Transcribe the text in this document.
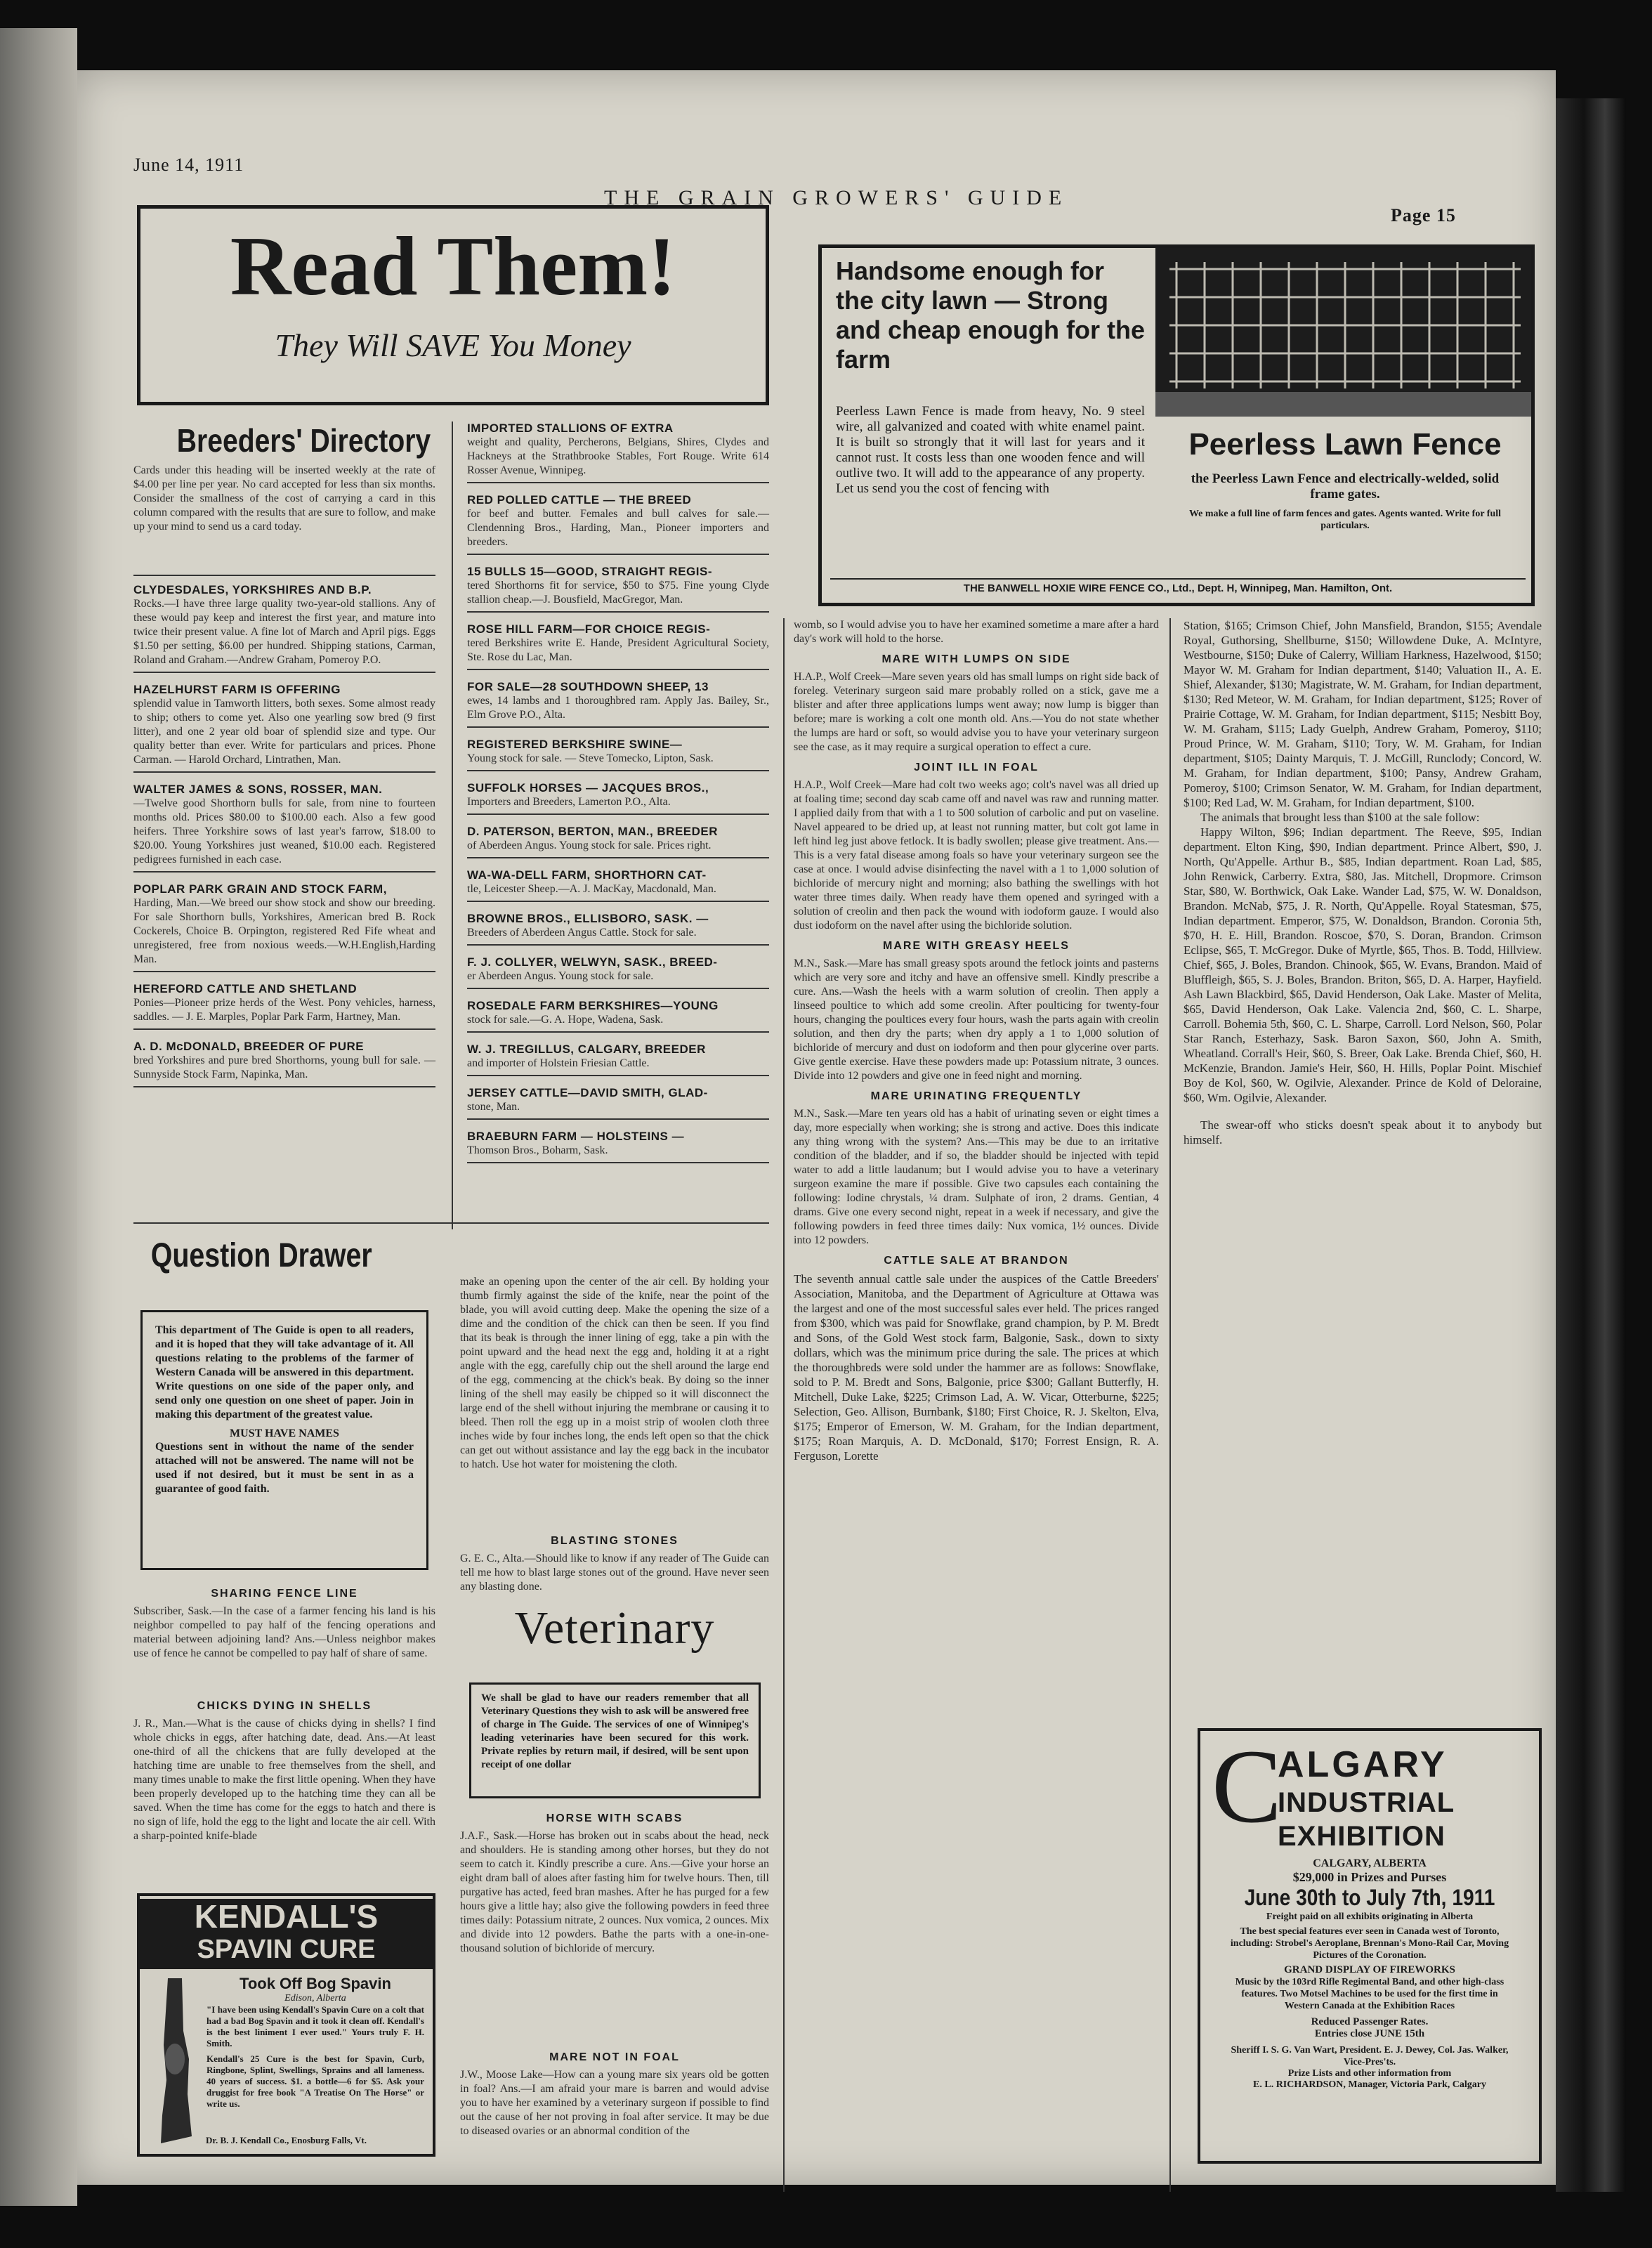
June 14, 1911
THE GRAIN GROWERS' GUIDE
Page 15
Read Them!
They Will SAVE You Money
Handsome enough for the city lawn — Strong and cheap enough for the farm
Peerless Lawn Fence is made from heavy, No. 9 steel wire, all galvanized and coated with white enamel paint. It is built so strongly that it will last for years and it cannot rust. It costs less than one wooden fence and will outlive two. It will add to the appearance of any property. Let us send you the cost of fencing with
Peerless Lawn Fence
the Peerless Lawn Fence and electrically-welded, solid frame gates.
We make a full line of farm fences and gates. Agents wanted. Write for full particulars.
THE BANWELL HOXIE WIRE FENCE CO., Ltd., Dept. H, Winnipeg, Man. Hamilton, Ont.
Breeders' Directory
Cards under this heading will be inserted weekly at the rate of $4.00 per line per year. No card accepted for less than six months. Consider the smallness of the cost of carrying a card in this column compared with the results that are sure to follow, and make up your mind to send us a card today.
CLYDESDALES, YORKSHIRES AND B.P.

Rocks.—I have three large quality two-year-old stallions. Any of these would pay keep and interest the first year, and mature into twice their present value. A fine lot of March and April pigs. Eggs $1.50 per setting, $6.00 per hundred. Shipping stations, Carman, Roland and Graham.—Andrew Graham, Pomeroy P.O.

HAZELHURST FARM IS OFFERING

splendid value in Tamworth litters, both sexes. Some almost ready to ship; others to come yet. Also one yearling sow bred (9 first litter), and one 2 year old boar of splendid size and type. Our quality better than ever. Write for particulars and prices. Phone Carman. — Harold Orchard, Lintrathen, Man.

WALTER JAMES & SONS, ROSSER, MAN.

—Twelve good Shorthorn bulls for sale, from nine to fourteen months old. Prices $80.00 to $100.00 each. Also a few good heifers. Three Yorkshire sows of last year's farrow, $18.00 to $20.00. Young Yorkshires just weaned, $10.00 each. Registered pedigrees furnished in each case.

POPLAR PARK GRAIN AND STOCK FARM,

Harding, Man.—We breed our show stock and show our breeding. For sale Shorthorn bulls, Yorkshires, American bred B. Rock Cockerels, Choice B. Orpington, registered Red Fife wheat and unregistered, free from noxious weeds.—W.H.English,Harding Man.

HEREFORD CATTLE AND SHETLAND

Ponies—Pioneer prize herds of the West. Pony vehicles, harness, saddles. — J. E. Marples, Poplar Park Farm, Hartney, Man.

A. D. McDONALD, BREEDER OF PURE

bred Yorkshires and pure bred Shorthorns, young bull for sale. — Sunnyside Stock Farm, Napinka, Man.

IMPORTED STALLIONS OF EXTRA

weight and quality, Percherons, Belgians, Shires, Clydes and Hackneys at the Strathbrooke Stables, Fort Rouge. Write 614 Rosser Avenue, Winnipeg.

RED POLLED CATTLE — THE BREED

for beef and butter. Females and bull calves for sale.—Clendenning Bros., Harding, Man., Pioneer importers and breeders.

15 BULLS 15—GOOD, STRAIGHT REGIS-

tered Shorthorns fit for service, $50 to $75. Fine young Clyde stallion cheap.—J. Bousfield, MacGregor, Man.

ROSE HILL FARM—FOR CHOICE REGIS-

tered Berkshires write E. Hande, President Agricultural Society, Ste. Rose du Lac, Man.

FOR SALE—28 SOUTHDOWN SHEEP, 13

ewes, 14 lambs and 1 thoroughbred ram. Apply Jas. Bailey, Sr., Elm Grove P.O., Alta.

REGISTERED BERKSHIRE SWINE—

Young stock for sale. — Steve Tomecko, Lipton, Sask.

SUFFOLK HORSES — JACQUES BROS.,

Importers and Breeders, Lamerton P.O., Alta.

D. PATERSON, BERTON, MAN., BREEDER

of Aberdeen Angus. Young stock for sale. Prices right.

WA-WA-DELL FARM, SHORTHORN CAT-

tle, Leicester Sheep.—A. J. MacKay, Macdonald, Man.

BROWNE BROS., ELLISBORO, SASK. —

Breeders of Aberdeen Angus Cattle. Stock for sale.

F. J. COLLYER, WELWYN, SASK., BREED-

er Aberdeen Angus. Young stock for sale.

ROSEDALE FARM BERKSHIRES—YOUNG

stock for sale.—G. A. Hope, Wadena, Sask.

W. J. TREGILLUS, CALGARY, BREEDER

and importer of Holstein Friesian Cattle.

JERSEY CATTLE—DAVID SMITH, GLAD-

stone, Man.

BRAEBURN FARM — HOLSTEINS —

Thomson Bros., Boharm, Sask.

Question Drawer

This department of The Guide is open to all readers, and it is hoped that they will take advantage of it. All questions relating to the problems of the farmer of Western Canada will be answered in this department. Write questions on one side of the paper only, and send only one question on one sheet of paper. Join in making this department of the greatest value.

MUST HAVE NAMES

Questions sent in without the name of the sender attached will not be answered. The name will not be used if not desired, but it must be sent in as a guarantee of good faith.

SHARING FENCE LINE

Subscriber, Sask.—In the case of a farmer fencing his land is his neighbor compelled to pay half of the fencing operations and material between adjoining land? Ans.—Unless neighbor makes use of fence he cannot be compelled to pay half of share of same.

CHICKS DYING IN SHELLS

J. R., Man.—What is the cause of chicks dying in shells? I find whole chicks in eggs, after hatching date, dead. Ans.—At least one-third of all the chickens that are fully developed at the hatching time are unable to free themselves from the shell, and many times unable to make the first little opening. When they have been properly developed up to the hatching time they can all be saved. When the time has come for the eggs to hatch and there is no sign of life, hold the egg to the light and locate the air cell. With a sharp-pointed knife-blade

KENDALL'S
SPAVIN CURE
Took Off Bog Spavin
Edison, Alberta

"I have been using Kendall's Spavin Cure on a colt that had a bad Bog Spavin and it took it clean off. Kendall's is the best liniment I ever used." Yours truly F. H. Smith.

Kendall's 25 Cure is the best for Spavin, Curb, Ringbone, Splint, Swellings, Sprains and all lameness. 40 years of success. $1. a bottle—6 for $5. Ask your druggist for free book "A Treatise On The Horse" or write us.

Dr. B. J. Kendall Co., Enosburg Falls, Vt.
make an opening upon the center of the air cell. By holding your thumb firmly against the side of the knife, near the point of the blade, you will avoid cutting deep. Make the opening the size of a dime and the condition of the chick can then be seen. If you find that its beak is through the inner lining of egg, take a pin with the point upward and the head next the egg and, holding it at a right angle with the egg, carefully chip out the shell around the large end of the egg, commencing at the chick's beak. By doing so the inner lining of the shell may easily be chipped so it will disconnect the large end of the shell without injuring the membrane or causing it to bleed. Then roll the egg up in a moist strip of woolen cloth three inches wide by four inches long, the ends left open so that the chick can get out without assistance and lay the egg back in the incubator to hatch. Use hot water for moistening the cloth.
BLASTING STONES

G. E. C., Alta.—Should like to know if any reader of The Guide can tell me how to blast large stones out of the ground. Have never seen any blasting done.

Veterinary

We shall be glad to have our readers remember that all Veterinary Questions they wish to ask will be answered free of charge in The Guide. The services of one of Winnipeg's leading veterinaries have been secured for this work. Private replies by return mail, if desired, will be sent upon receipt of one dollar

HORSE WITH SCABS

J.A.F., Sask.—Horse has broken out in scabs about the head, neck and shoulders. He is standing among other horses, but they do not seem to catch it. Kindly prescribe a cure. Ans.—Give your horse an eight dram ball of aloes after fasting him for twelve hours. Then, till purgative has acted, feed bran mashes. After he has purged for a few hours give a little hay; also give the following powders in feed three times daily: Potassium nitrate, 2 ounces. Nux vomica, 2 ounces. Mix and divide into 12 powders. Bathe the parts with a one-in-one-thousand solution of bichloride of mercury.

MARE NOT IN FOAL

J.W., Moose Lake—How can a young mare six years old be gotten in foal? Ans.—I am afraid your mare is barren and would advise you to have her examined by a veterinary surgeon if possible to find out the cause of her not proving in foal after service. It may be due to diseased ovaries or an abnormal condition of the

womb, so I would advise you to have her examined sometime a mare after a hard day's work will hold to the horse.

MARE WITH LUMPS ON SIDE

H.A.P., Wolf Creek—Mare seven years old has small lumps on right side back of foreleg. Veterinary surgeon said mare probably rolled on a stick, gave me a blister and after three applications lumps went away; now lump is bigger than before; mare is working a colt one month old. Ans.—You do not state whether the lumps are hard or soft, so would advise you to have your veterinary surgeon see the case, as it may require a surgical operation to effect a cure.

JOINT ILL IN FOAL

H.A.P., Wolf Creek—Mare had colt two weeks ago; colt's navel was all dried up at foaling time; second day scab came off and navel was raw and running matter. I applied daily from that with a 1 to 500 solution of carbolic and put on vaseline. Navel appeared to be dried up, at least not running matter, but colt got lame in left hind leg just above fetlock. It is badly swollen; please give treatment. Ans.—This is a very fatal disease among foals so have your veterinary surgeon see the case at once. I would advise disinfecting the navel with a 1 to 1,000 solution of bichloride of mercury night and morning; also bathing the swellings with hot water three times daily. When ready have them opened and syringed with a solution of creolin and then pack the wound with iodoform gauze. I would also dust iodoform on the navel after using the bichloride solution.

MARE WITH GREASY HEELS

M.N., Sask.—Mare has small greasy spots around the fetlock joints and pasterns which are very sore and itchy and have an offensive smell. Kindly prescribe a cure. Ans.—Wash the heels with a warm solution of creolin. Then apply a linseed poultice to which add some creolin. After poulticing for twenty-four hours, changing the poultices every four hours, wash the parts again with creolin solution, and then dry the parts; when dry apply a 1 to 1,000 solution of bichloride of mercury and dust on iodoform and then pour glycerine over parts. Give gentle exercise. Have these powders made up: Potassium nitrate, 3 ounces. Divide into 12 powders and give one in feed night and morning.

MARE URINATING FREQUENTLY

M.N., Sask.—Mare ten years old has a habit of urinating seven or eight times a day, more especially when working; she is strong and active. Does this indicate any thing wrong with the system? Ans.—This may be due to an irritative condition of the bladder, and if so, the bladder should be injected with tepid water to add a little laudanum; but I would advise you to have a veterinary surgeon examine the mare if possible. Give two capsules each containing the following: Iodine chrystals, ¼ dram. Sulphate of iron, 2 drams. Gentian, 4 drams. Give one every second night, repeat in a week if necessary, and give the following powders in feed three times daily: Nux vomica, 1½ ounces. Divide into 12 powders.

CATTLE SALE AT BRANDON

The seventh annual cattle sale under the auspices of the Cattle Breeders' Association, Manitoba, and the Department of Agriculture at Ottawa was the largest and one of the most successful sales ever held. The prices ranged from $300, which was paid for Snowflake, grand champion, by P. M. Bredt and Sons, of the Gold West stock farm, Balgonie, Sask., down to sixty dollars, which was the minimum price during the sale. The prices at which the thoroughbreds were sold under the hammer are as follows: Snowflake, sold to P. M. Bredt and Sons, Balgonie, price $300; Gallant Butterfly, H. Mitchell, Duke Lake, $225; Crimson Lad, A. W. Vicar, Otterburne, $225; Selection, Geo. Allison, Burnbank, $180; First Choice, R. J. Skelton, Elva, $175; Emperor of Emerson, W. M. Graham, for the Indian department, $175; Roan Marquis, A. D. McDonald, $170; Forrest Ensign, R. A. Ferguson, Lorette

Station, $165; Crimson Chief, John Mansfield, Brandon, $155; Avendale Royal, Guthorsing, Shellburne, $150; Willowdene Duke, A. McIntyre, Westbourne, $150; Duke of Calerry, William Harkness, Hazelwood, $150; Mayor W. M. Graham for Indian department, $140; Valuation II., A. E. Shief, Alexander, $130; Magistrate, W. M. Graham, for Indian department, $130; Red Meteor, W. M. Graham, for Indian department, $125; Rover of Prairie Cottage, W. M. Graham, for Indian department, $115; Nesbitt Boy, W. M. Graham, $115; Lady Guelph, Andrew Graham, Pomeroy, $110; Proud Prince, W. M. Graham, $110; Tory, W. M. Graham, for Indian department, $105; Dainty Marquis, T. J. McGill, Runclody; Concord, W. M. Graham, for Indian department, $100; Pansy, Andrew Graham, Pomeroy, $100; Crimson Senator, W. M. Graham, for Indian department, $100; Red Lad, W. M. Graham, for Indian department, $100.

The animals that brought less than $100 at the sale follow:

Happy Wilton, $96; Indian department. The Reeve, $95, Indian department. Elton King, $90, Indian department. Prince Albert, $90, J. North, Qu'Appelle. Arthur B., $85, Indian department. Roan Lad, $85, John Renwick, Carberry. Extra, $80, Jas. Mitchell, Dropmore. Crimson Star, $80, W. Borthwick, Oak Lake. Wander Lad, $75, W. W. Donaldson, Brandon. McNab, $75, J. R. North, Qu'Appelle. Royal Statesman, $75, Indian department. Emperor, $75, W. Donaldson, Brandon. Coronia 5th, $70, H. E. Hill, Brandon. Roscoe, $70, S. Doran, Brandon. Crimson Eclipse, $65, T. McGregor. Duke of Myrtle, $65, Thos. B. Todd, Hillview. Chief, $65, J. Boles, Brandon. Chinook, $65, W. Evans, Brandon. Maid of Bluffleigh, $65, S. J. Boles, Brandon. Briton, $65, D. A. Harper, Hayfield. Ash Lawn Blackbird, $65, David Henderson, Oak Lake. Master of Melita, $65, David Henderson, Oak Lake. Valencia 2nd, $60, C. L. Sharpe, Carroll. Bohemia 5th, $60, C. L. Sharpe, Carroll. Lord Nelson, $60, Polar Star Ranch, Esterhazy, Sask. Baron Saxon, $60, John A. Smith, Wheatland. Corrall's Heir, $60, S. Breer, Oak Lake. Brenda Chief, $60, H. McKenzie, Brandon. Jamie's Heir, $60, H. Hills, Poplar Point. Mischief Boy de Kol, $60, W. Ogilvie, Alexander. Prince de Kold of Deloraine, $60, Wm. Ogilvie, Alexander.

The swear-off who sticks doesn't speak about it to anybody but himself.

C
ALGARY
INDUSTRIAL
EXHIBITION
CALGARY, ALBERTA
$29,000 in Prizes and Purses
June 30th to July 7th, 1911
Freight paid on all exhibits originating in Alberta
The best special features ever seen in Canada west of Toronto, including: Strobel's Aeroplane, Brennan's Mono-Rail Car, Moving Pictures of the Coronation.
GRAND DISPLAY OF FIREWORKS
Music by the 103rd Rifle Regimental Band, and other high-class features. Two Motsel Machines to be used for the first time in Western Canada at the Exhibition Races
Reduced Passenger Rates.
Entries close JUNE 15th
Sheriff I. S. G. Van Wart, President. E. J. Dewey, Col. Jas. Walker, Vice-Pres'ts.
Prize Lists and other information from
E. L. RICHARDSON, Manager, Victoria Park, Calgary
